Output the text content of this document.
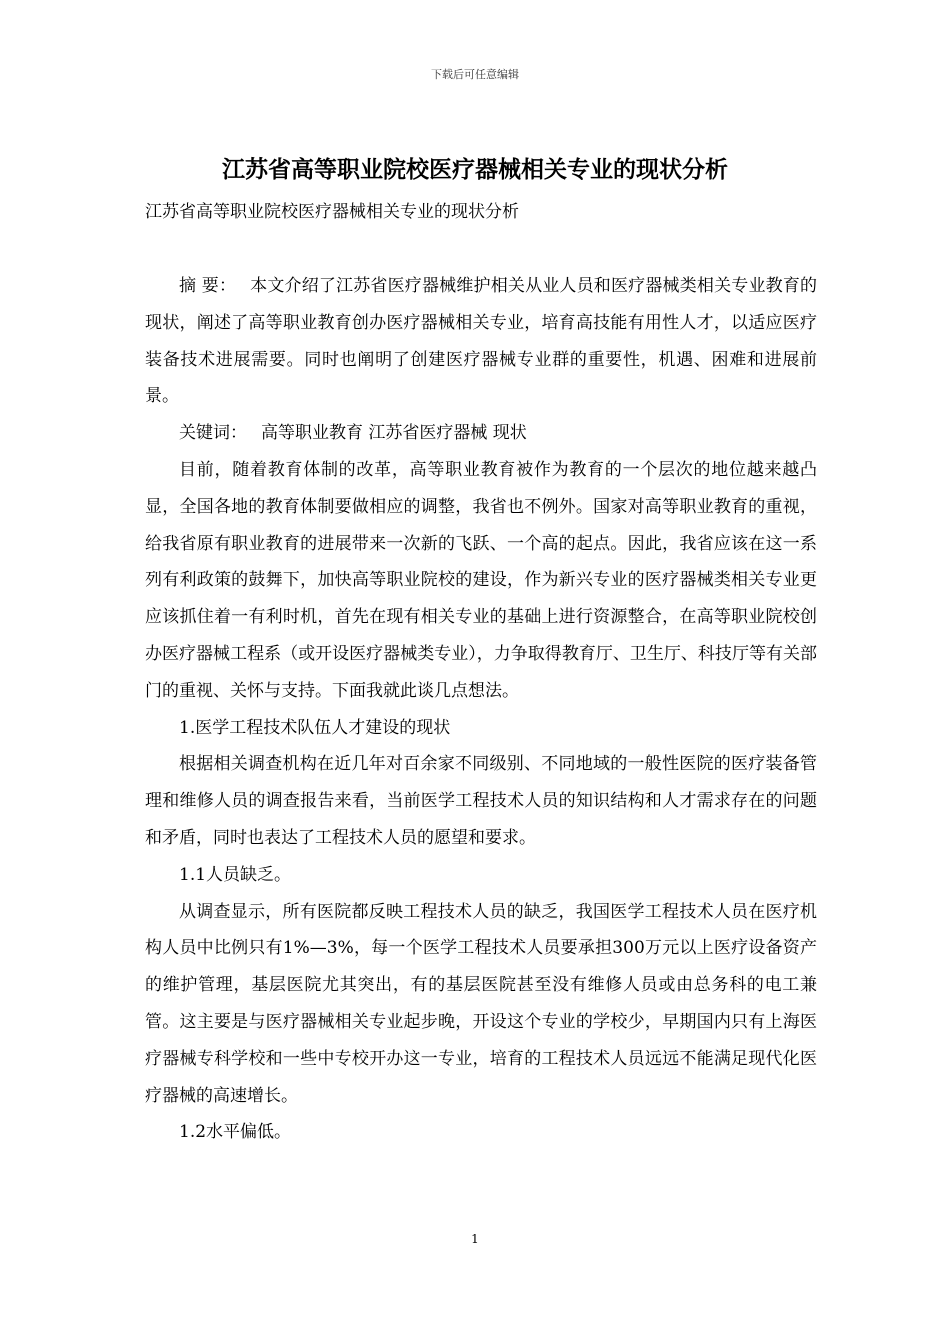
下载后可任意编辑
江苏省高等职业院校医疗器械相关专业的现状分析
江苏省高等职业院校医疗器械相关专业的现状分析

摘 要： 本文介绍了江苏省医疗器械维护相关从业人员和医疗器械类相关专业教育的现状，阐述了高等职业教育创办医疗器械相关专业，培育高技能有用性人才，以适应医疗装备技术进展需要。同时也阐明了创建医疗器械专业群的重要性，机遇、困难和进展前景。

关键词： 高等职业教育 江苏省医疗器械 现状

目前，随着教育体制的改革，高等职业教育被作为教育的一个层次的地位越来越凸显，全国各地的教育体制要做相应的调整，我省也不例外。国家对高等职业教育的重视，给我省原有职业教育的进展带来一次新的飞跃、一个高的起点。因此，我省应该在这一系列有利政策的鼓舞下，加快高等职业院校的建设，作为新兴专业的医疗器械类相关专业更应该抓住着一有利时机，首先在现有相关专业的基础上进行资源整合，在高等职业院校创办医疗器械工程系（或开设医疗器械类专业），力争取得教育厅、卫生厅、科技厅等有关部门的重视、关怀与支持。下面我就此谈几点想法。

1.医学工程技术队伍人才建设的现状

根据相关调查机构在近几年对百余家不同级别、不同地域的一般性医院的医疗装备管理和维修人员的调查报告来看，当前医学工程技术人员的知识结构和人才需求存在的问题和矛盾，同时也表达了工程技术人员的愿望和要求。

1.1人员缺乏。

从调查显示，所有医院都反映工程技术人员的缺乏，我国医学工程技术人员在医疗机构人员中比例只有1%—3%，每一个医学工程技术人员要承担300万元以上医疗设备资产的维护管理，基层医院尤其突出，有的基层医院甚至没有维修人员或由总务科的电工兼管。这主要是与医疗器械相关专业起步晚，开设这个专业的学校少，早期国内只有上海医疗器械专科学校和一些中专校开办这一专业，培育的工程技术人员远远不能满足现代化医疗器械的高速增长。

1.2水平偏低。

1
